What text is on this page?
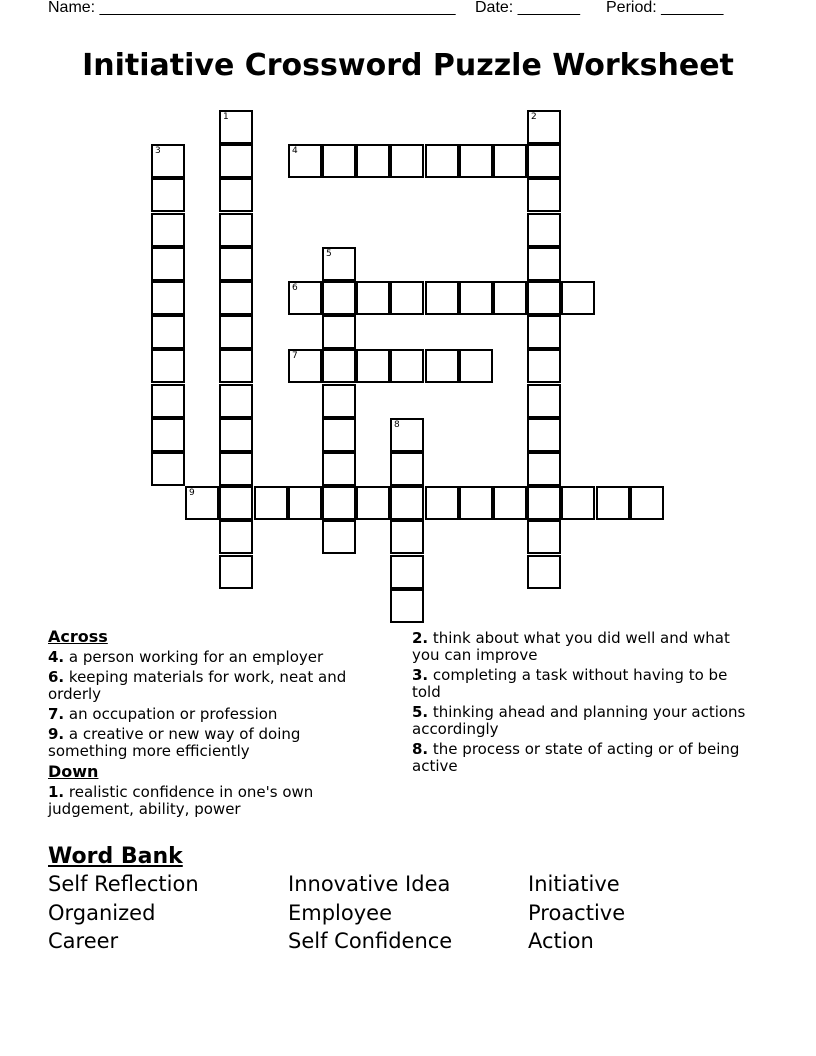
Name: ________________________________________ Date: _______ Period: _______
Initiative Crossword Puzzle Worksheet
1	2
3	4
5
6
7
8
9
Across
4. a person working for an employer
6. keeping materials for work, neat and orderly
7. an occupation or profession
9. a creative or new way of doing something more efficiently
Down
1. realistic confidence in one's own judgement, ability, power
2. think about what you did well and what you can improve
3. completing a task without having to be told
5. thinking ahead and planning your actions accordingly
8. the process or state of acting or of being active
Word Bank
Self Reflection	Innovative Idea	Initiative
Organized	Employee	Proactive
Career	Self Confidence	Action
